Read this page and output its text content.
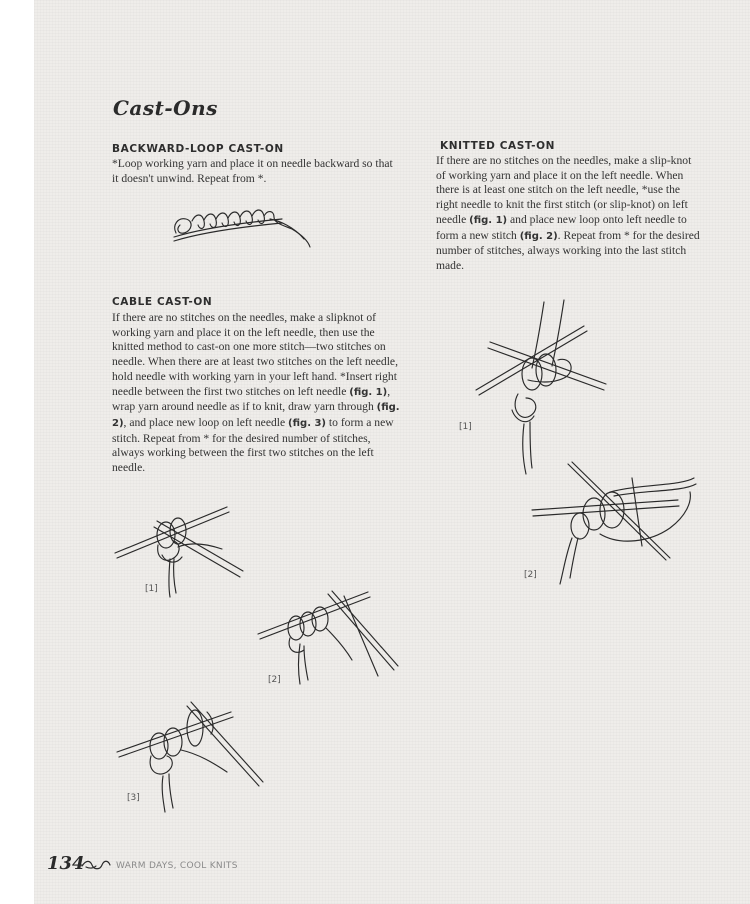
Cast-Ons
BACKWARD-LOOP CAST-ON

*Loop working yarn and place it on needle backward so that it doesn't unwind. Repeat from *.

CABLE CAST-ON

If there are no stitches on the needles, make a slipknot of working yarn and place it on the left needle, then use the knitted method to cast-on one more stitch—two stitches on needle. When there are at least two stitches on the left needle, hold needle with working yarn in your left hand. *Insert right needle between the first two stitches on left needle (fig. 1), wrap yarn around needle as if to knit, draw yarn through (fig. 2), and place new loop on left needle (fig. 3) to form a new stitch. Repeat from * for the desired number of stitches, always working between the first two stitches on the left needle.

[1]
[2]
[3]
KNITTED CAST-ON

If there are no stitches on the needles, make a slip-knot of working yarn and place it on the left needle. When there is at least one stitch on the left needle, *use the right needle to knit the first stitch (or slip-knot) on left needle (fig. 1) and place new loop onto left needle to form a new stitch (fig. 2). Repeat from * for the desired number of stitches, always working into the last stitch made.

[1]
[2]
134	WARM DAYS, COOL KNITS
